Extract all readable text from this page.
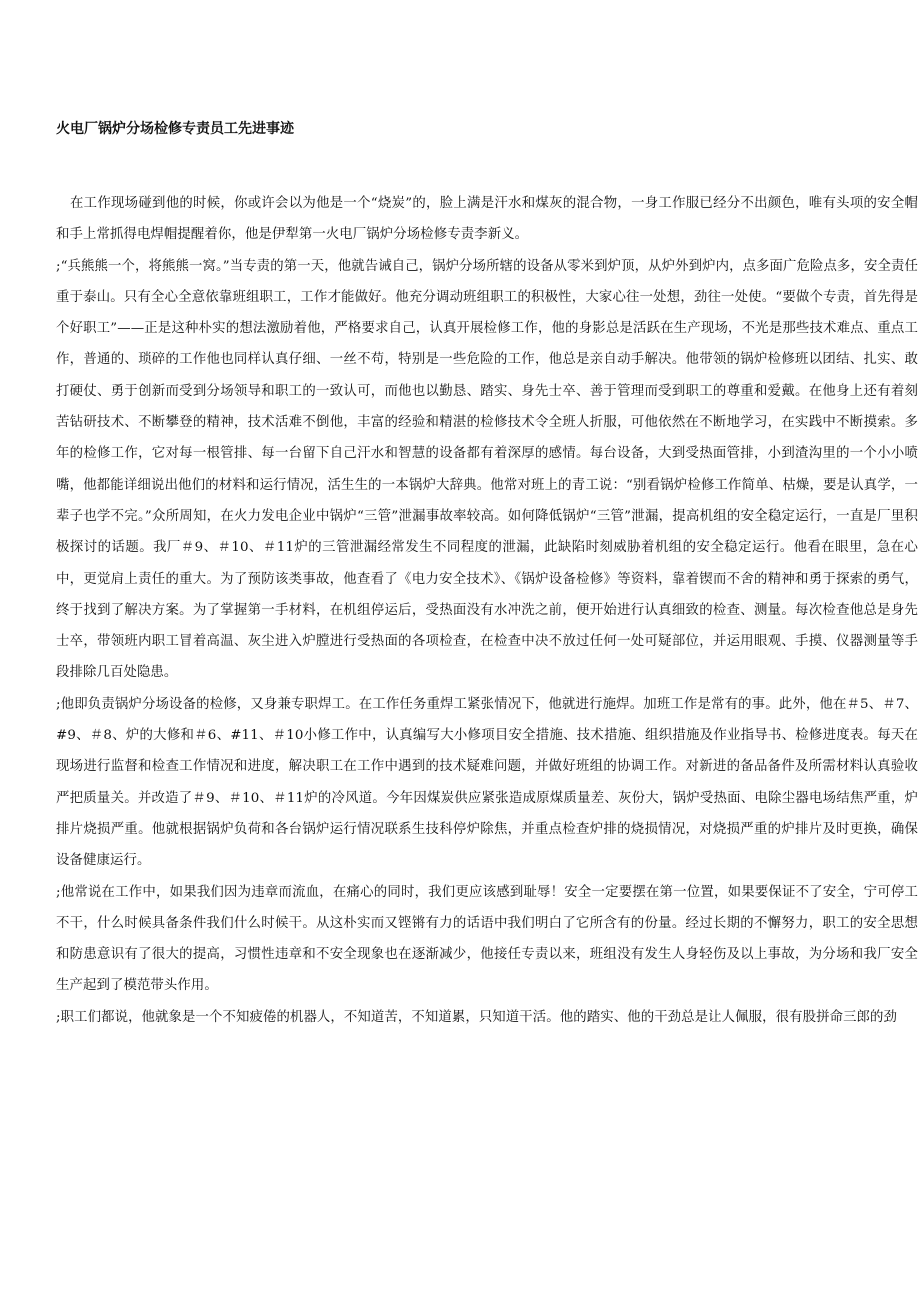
火电厂锅炉分场检修专责员工先进事迹

在工作现场碰到他的时候，你或许会以为他是一个“烧炭”的，脸上满是汗水和煤灰的混合物，一身工作服已经分不出颜色，唯有头项的安全帽和手上常抓得电焊帽提醒着你，他是伊犁第一火电厂锅炉分场检修专责李新义。

;“兵熊熊一个，将熊熊一窝。”当专责的第一天，他就告诫自己，锅炉分场所辖的设备从零米到炉顶，从炉外到炉内，点多面广危险点多，安全责任重于泰山。只有全心全意依靠班组职工，工作才能做好。他充分调动班组职工的积极性，大家心往一处想，劲往一处使。“要做个专责，首先得是个好职工”——正是这种朴实的想法激励着他，严格要求自己，认真开展检修工作，他的身影总是活跃在生产现场，不光是那些技术难点、重点工作，普通的、琐碎的工作他也同样认真仔细、一丝不苟，特别是一些危险的工作，他总是亲自动手解决。他带领的锅炉检修班以团结、扎实、敢打硬仗、勇于创新而受到分场领导和职工的一致认可，而他也以勤恳、踏实、身先士卒、善于管理而受到职工的尊重和爱戴。在他身上还有着刻苦钻研技术、不断攀登的精神，技术活难不倒他，丰富的经验和精湛的检修技术令全班人折服，可他依然在不断地学习，在实践中不断摸索。多年的检修工作，它对每一根管排、每一台留下自己汗水和智慧的设备都有着深厚的感情。每台设备，大到受热面管排，小到渣沟里的一个小小喷嘴，他都能详细说出他们的材料和运行情况，活生生的一本锅炉大辞典。他常对班上的青工说：“别看锅炉检修工作简单、枯燥，要是认真学，一辈子也学不完。”众所周知，在火力发电企业中锅炉“三管”泄漏事故率较高。如何降低锅炉“三管”泄漏，提高机组的安全稳定运行，一直是厂里积极探讨的话题。我厂＃9、＃10、＃11炉的三管泄漏经常发生不同程度的泄漏，此缺陷时刻威胁着机组的安全稳定运行。他看在眼里，急在心中，更觉肩上责任的重大。为了预防该类事故，他查看了《电力安全技术》、《锅炉设备检修》等资料，靠着锲而不舍的精神和勇于探索的勇气，终于找到了解决方案。为了掌握第一手材料，在机组停运后，受热面没有水冲洗之前，便开始进行认真细致的检查、测量。每次检查他总是身先士卒，带领班内职工冒着高温、灰尘进入炉膛进行受热面的各项检查，在检查中决不放过任何一处可疑部位，并运用眼观、手摸、仪器测量等手段排除几百处隐患。

;他即负责锅炉分场设备的检修，又身兼专职焊工。在工作任务重焊工紧张情况下，他就进行施焊。加班工作是常有的事。此外，他在＃5、＃7、#9、＃8、炉的大修和＃6、#11、＃10小修工作中，认真编写大小修项目安全措施、技术措施、组织措施及作业指导书、检修进度表。每天在现场进行监督和检查工作情况和进度，解决职工在工作中遇到的技术疑难问题，并做好班组的协调工作。对新进的备品备件及所需材料认真验收严把质量关。并改造了＃9、＃10、＃11炉的冷风道。今年因煤炭供应紧张造成原煤质量差、灰份大，锅炉受热面、电除尘器电场结焦严重，炉排片烧损严重。他就根据锅炉负荷和各台锅炉运行情况联系生技科停炉除焦，并重点检查炉排的烧损情况，对烧损严重的炉排片及时更换，确保设备健康运行。

;他常说在工作中，如果我们因为违章而流血，在痛心的同时，我们更应该感到耻辱！安全一定要摆在第一位置，如果要保证不了安全，宁可停工不干，什么时候具备条件我们什么时候干。从这朴实而又铿锵有力的话语中我们明白了它所含有的份量。经过长期的不懈努力，职工的安全思想和防患意识有了很大的提高，习惯性违章和不安全现象也在逐渐减少，他接任专责以来，班组没有发生人身轻伤及以上事故，为分场和我厂安全生产起到了模范带头作用。

;职工们都说，他就象是一个不知疲倦的机器人，不知道苦，不知道累，只知道干活。他的踏实、他的干劲总是让人佩服，很有股拼命三郎的劲
